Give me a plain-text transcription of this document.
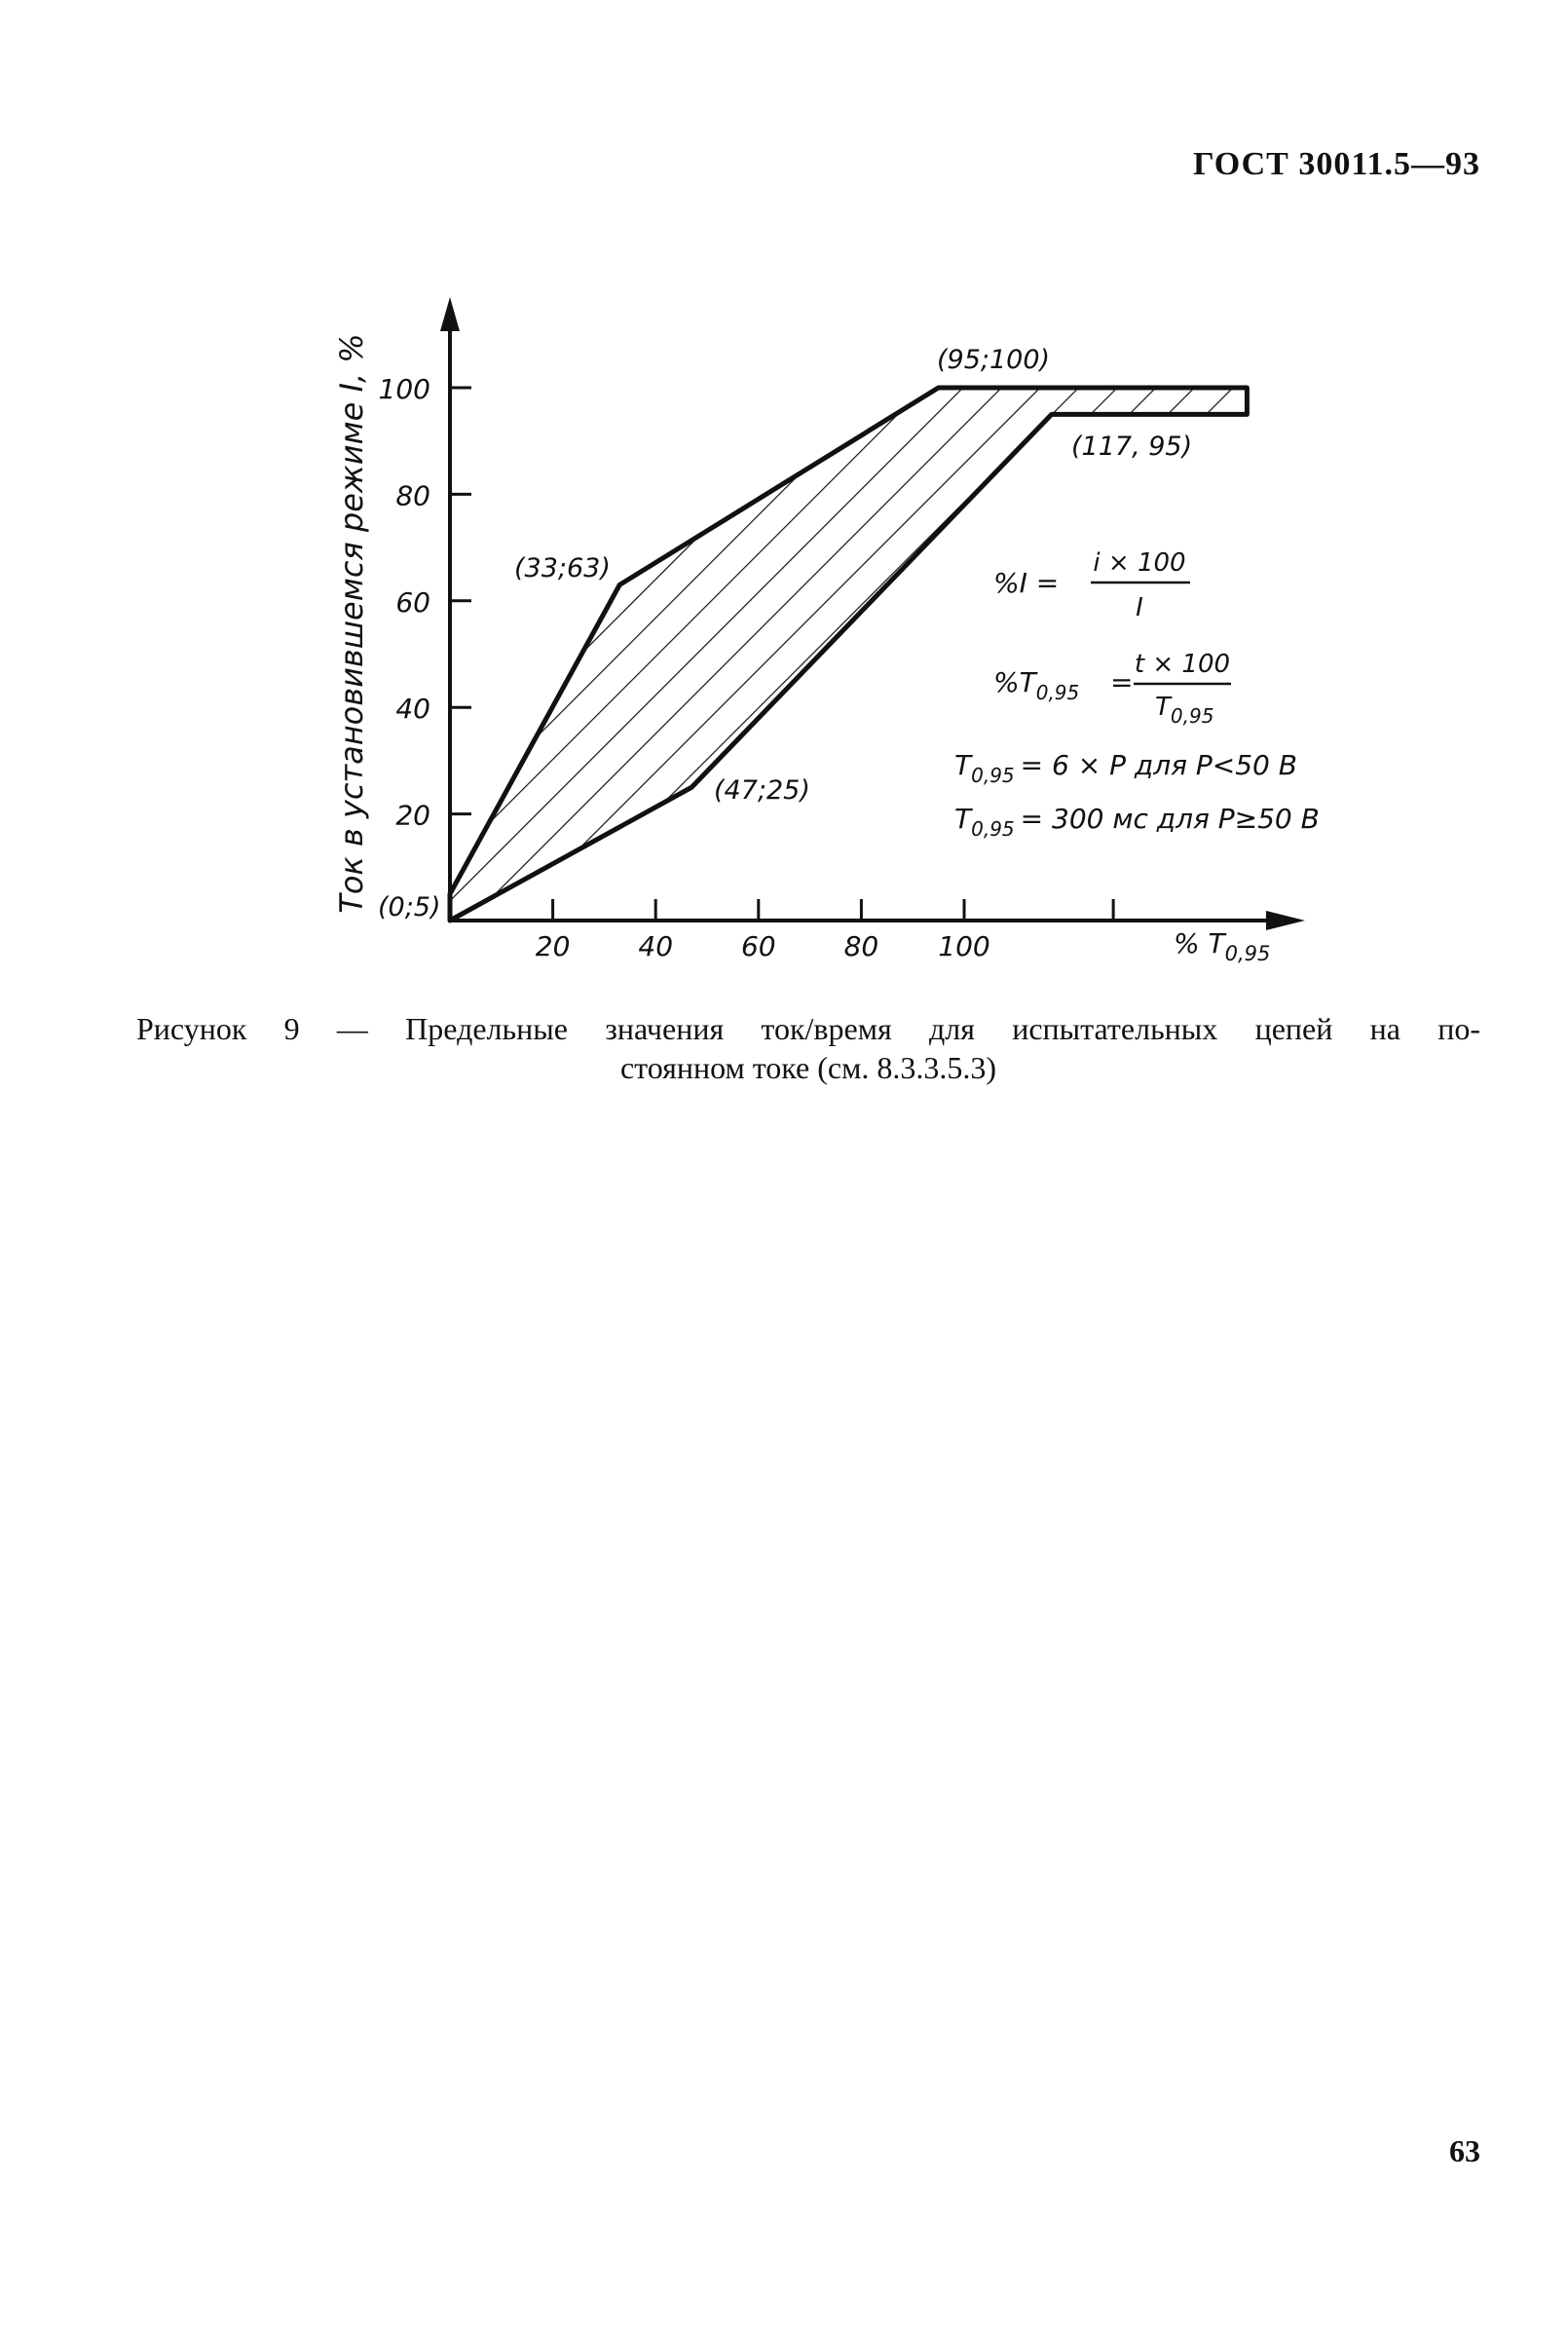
ГОСТ 30011.5—93
20
40
60
80
100
20 40 60 80 100
Ток в установившемся режиме I, %
% $T_{0,95}$
(0;5)
(33;63)
(47;25)
(95;100)
(117, 95)
%I =
i × 100
I
$\%T_{0,95}$ =
t × 100
$T_{0,95}$
$T_{0,95} = 6 \times P$ для P<50 В
$T_{0,95} = 300$ мс для P≥50 В
Рисунок 9 — Предельные значения ток/время для испытательных цепей на по-
стоянном токе (см. 8.3.3.5.3)
63
